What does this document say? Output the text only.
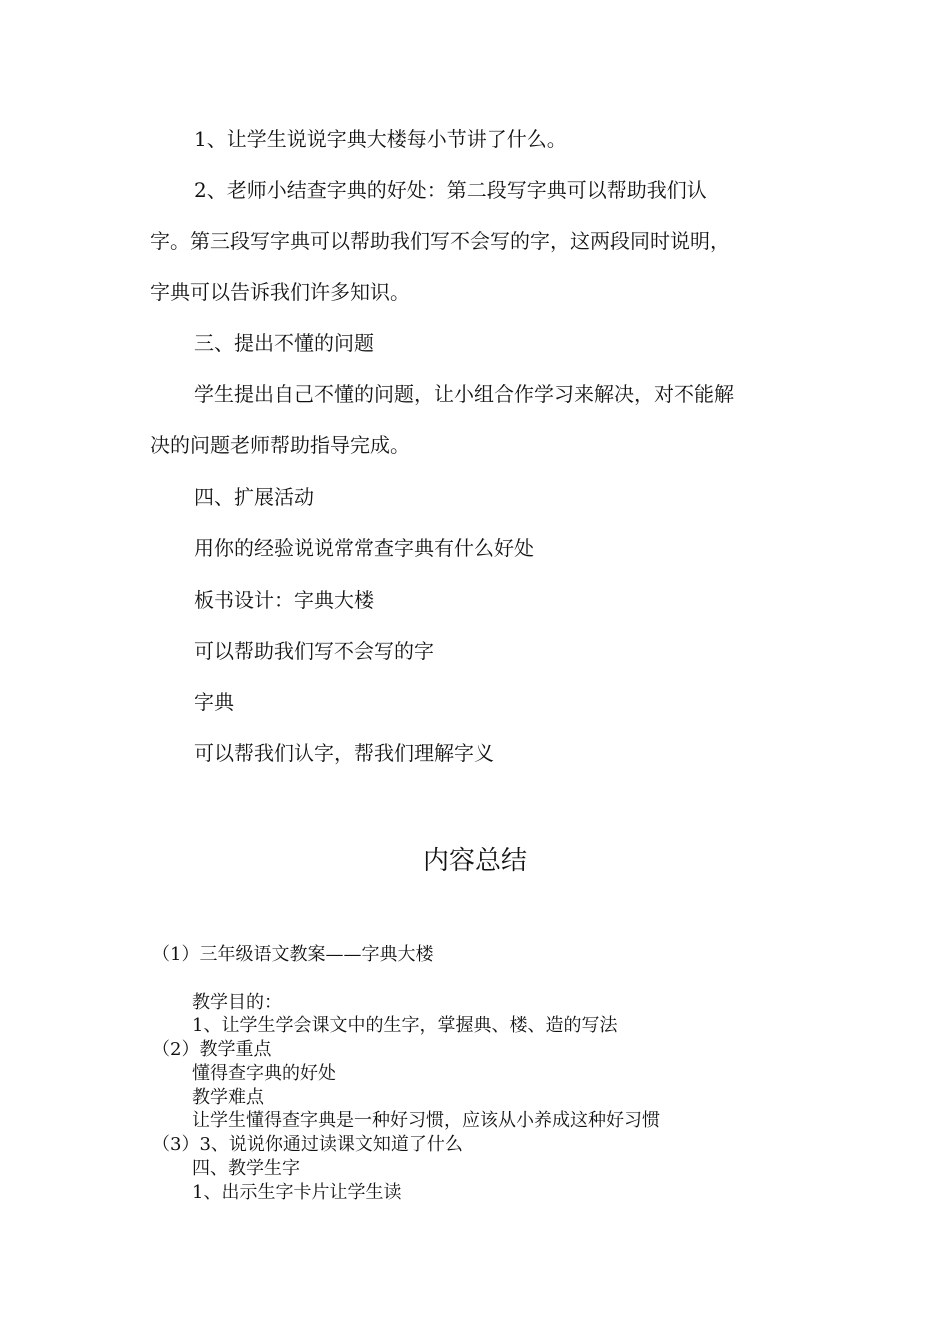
1、让学生说说字典大楼每小节讲了什么。

2、老师小结查字典的好处：第二段写字典可以帮助我们认

字。第三段写字典可以帮助我们写不会写的字，这两段同时说明，

字典可以告诉我们许多知识。

三、提出不懂的问题

学生提出自己不懂的问题，让小组合作学习来解决，对不能解

决的问题老师帮助指导完成。

四、扩展活动

用你的经验说说常常查字典有什么好处

板书设计：字典大楼

可以帮助我们写不会写的字

字典

可以帮我们认字，帮我们理解字义

内容总结

（1）三年级语文教案——字典大楼

教学目的：

1、让学生学会课文中的生字，掌握典、楼、造的写法

（2）教学重点

懂得查字典的好处

教学难点

让学生懂得查字典是一种好习惯，应该从小养成这种好习惯

（3）3、说说你通过读课文知道了什么

四、教学生字

1、出示生字卡片让学生读
